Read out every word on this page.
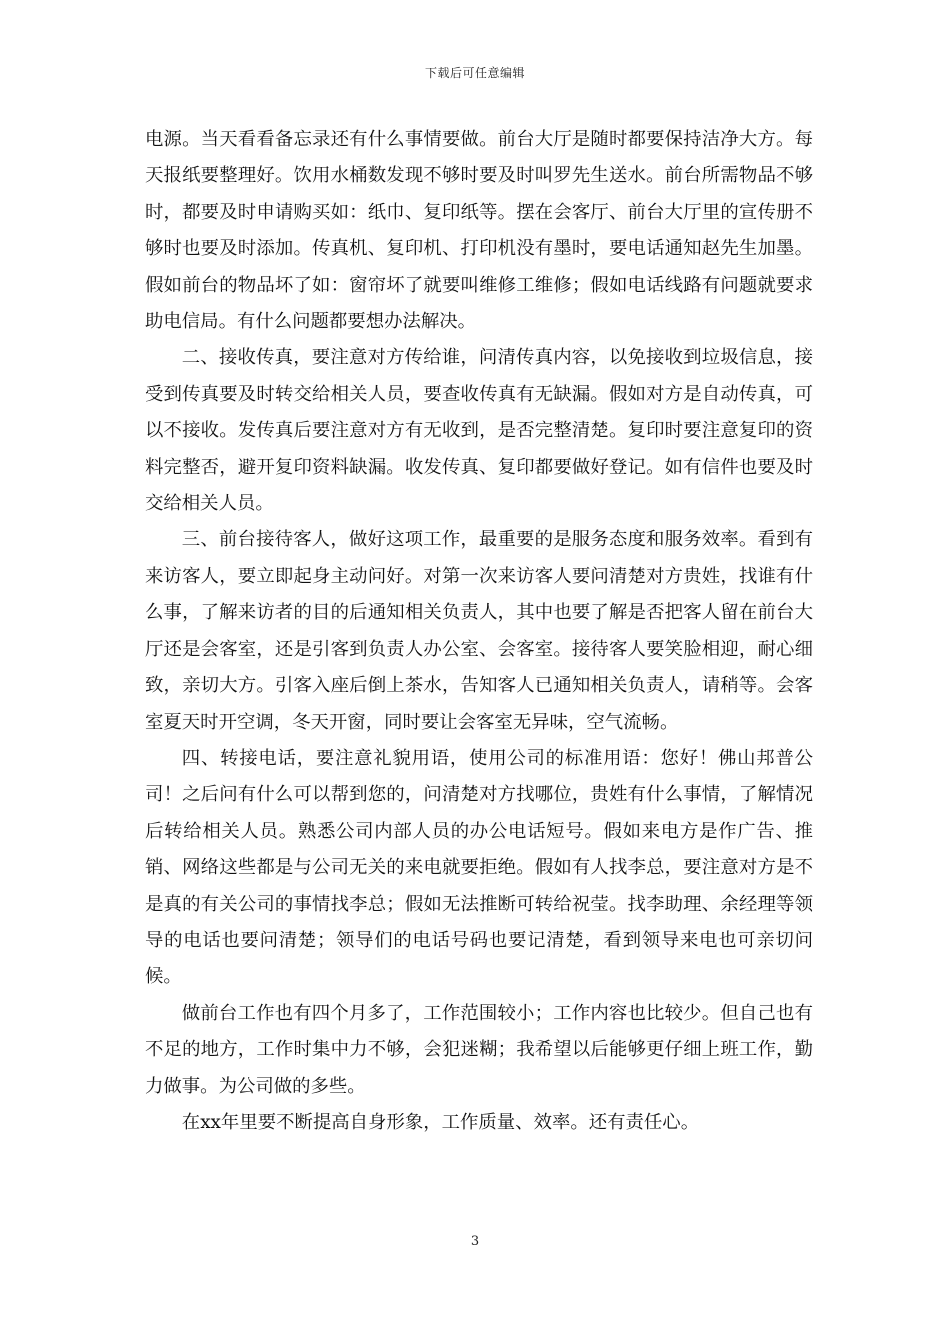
下载后可任意编辑

电源。当天看看备忘录还有什么事情要做。前台大厅是随时都要保持洁净大方。每天报纸要整理好。饮用水桶数发现不够时要及时叫罗先生送水。前台所需物品不够时，都要及时申请购买如：纸巾、复印纸等。摆在会客厅、前台大厅里的宣传册不够时也要及时添加。传真机、复印机、打印机没有墨时，要电话通知赵先生加墨。假如前台的物品坏了如：窗帘坏了就要叫维修工维修；假如电话线路有问题就要求助电信局。有什么问题都要想办法解决。

二、接收传真，要注意对方传给谁，问清传真内容，以免接收到垃圾信息，接受到传真要及时转交给相关人员，要查收传真有无缺漏。假如对方是自动传真，可以不接收。发传真后要注意对方有无收到，是否完整清楚。复印时要注意复印的资料完整否，避开复印资料缺漏。收发传真、复印都要做好登记。如有信件也要及时交给相关人员。

三、前台接待客人，做好这项工作，最重要的是服务态度和服务效率。看到有来访客人，要立即起身主动问好。对第一次来访客人要问清楚对方贵姓，找谁有什么事，了解来访者的目的后通知相关负责人，其中也要了解是否把客人留在前台大厅还是会客室，还是引客到负责人办公室、会客室。接待客人要笑脸相迎，耐心细致，亲切大方。引客入座后倒上茶水，告知客人已通知相关负责人，请稍等。会客室夏天时开空调，冬天开窗，同时要让会客室无异味，空气流畅。

四、转接电话，要注意礼貌用语，使用公司的标准用语：您好！佛山邦普公司！之后问有什么可以帮到您的，问清楚对方找哪位，贵姓有什么事情，了解情况后转给相关人员。熟悉公司内部人员的办公电话短号。假如来电方是作广告、推销、网络这些都是与公司无关的来电就要拒绝。假如有人找李总，要注意对方是不是真的有关公司的事情找李总；假如无法推断可转给祝莹。找李助理、余经理等领导的电话也要问清楚；领导们的电话号码也要记清楚，看到领导来电也可亲切问候。

做前台工作也有四个月多了，工作范围较小；工作内容也比较少。但自己也有不足的地方，工作时集中力不够，会犯迷糊；我希望以后能够更仔细上班工作，勤力做事。为公司做的多些。

在xx年里要不断提高自身形象，工作质量、效率。还有责任心。

3
